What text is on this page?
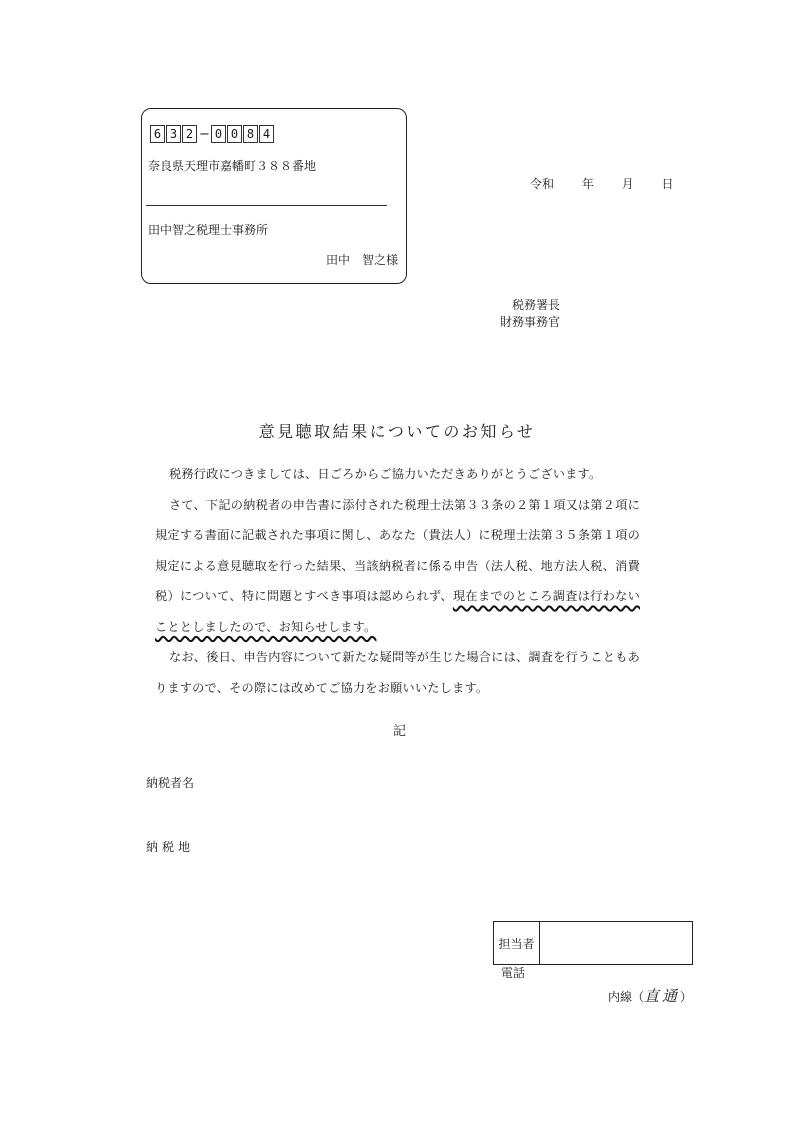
6 3 2 − 0 0 8 4
奈良県天理市嘉幡町３８８番地
田中智之税理士事務所
田中　智之様
令和 年 月 日
税務署長
財務事務官
意見聴取結果についてのお知らせ
税務行政につきましては、日ごろからご協力いただきありがとうございます。
さて、下記の納税者の申告書に添付された税理士法第３３条の２第１項又は第２項に規定する書面に記載された事項に関し、あなた（貴法人）に税理士法第３５条第１項の規定による意見聴取を行った結果、当該納税者に係る申告（法人税、地方法人税、消費税）について、特に問題とすべき事項は認められず、現在までのところ調査は行わないこととしましたので、お知らせします。
なお、後日、申告内容について新たな疑問等が生じた場合には、調査を行うこともありますので、その際には改めてご協力をお願いいたします。
記
納税者名
納税地
担当者
電話
内線（直通）
